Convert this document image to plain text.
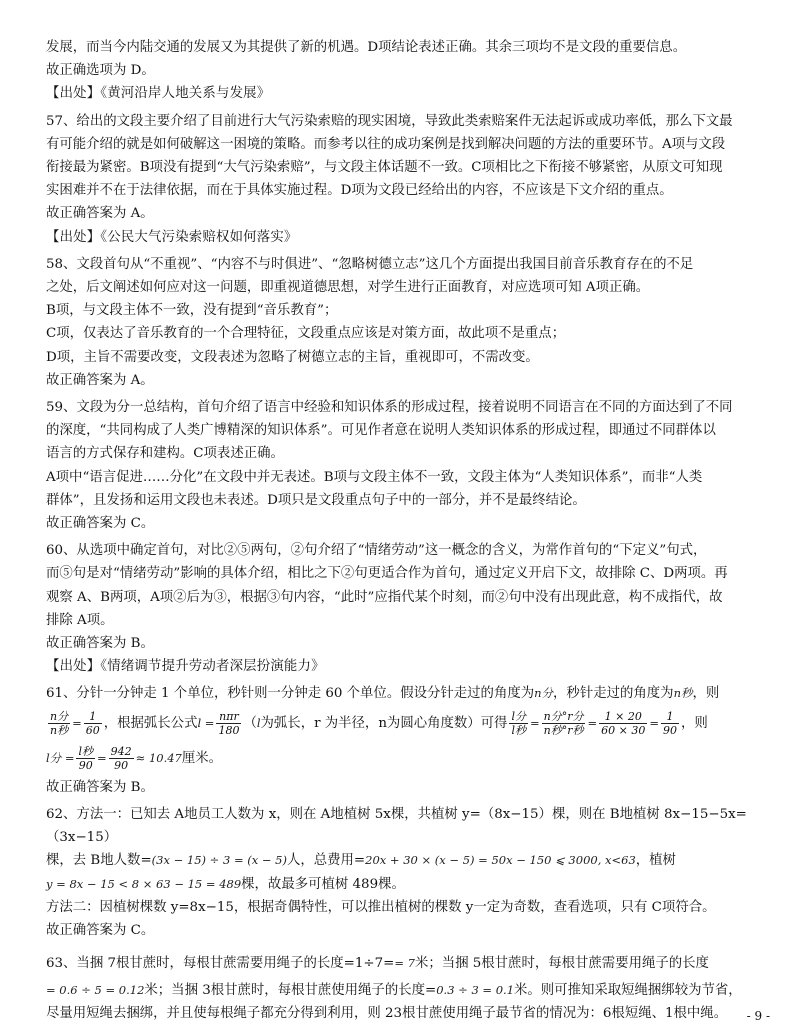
发展，而当今内陆交通的发展又为其提供了新的机遇。D项结论表述正确。其余三项均不是文段的重要信息。

故正确选项为 D。

【出处】《黄河沿岸人地关系与发展》

57、给出的文段主要介绍了目前进行大气污染索赔的现实困境，导致此类索赔案件无法起诉或成功率低，那么下文最

有可能介绍的就是如何破解这一困境的策略。而参考以往的成功案例是找到解决问题的方法的重要环节。A项与文段

衔接最为紧密。B项没有提到“大气污染索赔”，与文段主体话题不一致。C项相比之下衔接不够紧密，从原文可知现

实困难并不在于法律依据，而在于具体实施过程。D项为文段已经给出的内容，不应该是下文介绍的重点。

故正确答案为 A。

【出处】《公民大气污染索赔权如何落实》

58、文段首句从“不重视”、“内容不与时俱进”、“忽略树德立志”这几个方面提出我国目前音乐教育存在的不足

之处，后文阐述如何应对这一问题，即重视道德思想，对学生进行正面教育，对应选项可知 A项正确。

B项，与文段主体不一致，没有提到“音乐教育”；

C项，仅表达了音乐教育的一个合理特征，文段重点应该是对策方面，故此项不是重点；

D项，主旨不需要改变，文段表述为忽略了树德立志的主旨，重视即可，不需改变。

故正确答案为 A。

59、文段为分一总结构，首句介绍了语言中经验和知识体系的形成过程，接着说明不同语言在不同的方面达到了不同

的深度，“共同构成了人类广博精深的知识体系”。可见作者意在说明人类知识体系的形成过程，即通过不同群体以

语言的方式保存和建构。C项表述正确。

A项中“语言促进……分化”在文段中并无表述。B项与文段主体不一致，文段主体为“人类知识体系”，而非“人类

群体”，且发扬和运用文段也未表述。D项只是文段重点句子中的一部分，并不是最终结论。

故正确答案为 C。

60、从选项中确定首句，对比②⑤两句，②句介绍了“情绪劳动”这一概念的含义，为常作首句的“下定义”句式，

而⑤句是对“情绪劳动”影响的具体介绍，相比之下②句更适合作为首句，通过定义开启下文，故排除 C、D两项。再

观察 A、B两项，A项②后为③，根据③句内容，“此时”应指代某个时刻，而②句中没有出现此意，构不成指代，故

排除 A项。

故正确答案为 B。

【出处】《情绪调节提升劳动者深层扮演能力》

61、分针一分钟走 1 个单位，秒针则一分钟走 60 个单位。假设分针走过的角度为n分，秒针走过的角度为n秒，则

$\frac{\text{n分}}{\text{n秒}} = \frac{1}{60}$ ，根据弧长公式$l = \frac{\text{nπr}}{180} (l$为弧长，r 为半径，n为圆心角度数）可得 $\frac{\text{l分}}{\text{l秒}} = \frac{\text{n分°r分}}{\text{n秒°r秒}} = \frac{1 \times 20}{60 \times 30} = \frac{1}{90}$ ，则

l分 = $\frac{\text{l秒}}{90} = \frac{942}{90} \approx 10.47$厘米。

故正确答案为 B。

62、方法一：已知去 A地员工人数为 x，则在 A地植树 5x棵，共植树 y=（8x−15）棵，则在 B地植树 8x−15−5x=（3x−15）

棵，去 B地人数=(3x − 15) ÷ 3 = (x − 5)人，总费用=20x + 30 × (x − 5) = 50x − 150 ⩽ 3000, x<63，植树

y = 8x − 15 < 8 × 63 − 15 = 489棵，故最多可植树 489棵。

方法二：因植树棵数 y=8x−15，根据奇偶特性，可以推出植树的棵数 y一定为奇数，查看选项，只有 C项符合。

故正确答案为 C。

63、当捆 7根甘蔗时，每根甘蔗需要用绳子的长度=1÷7== 7米；当捆 5根甘蔗时，每根甘蔗需要用绳子的长度

= 0.6 ÷ 5 = 0.12米；当捆 3根甘蔗时，每根甘蔗使用绳子的长度=0.3 ÷ 3 = 0.1米。则可推知采取短绳捆绑较为节省，

尽量用短绳去捆绑，并且使每根绳子都充分得到利用，则 23根甘蔗使用绳子最节省的情况为：6根短绳、1根中绳。	- 9 -
